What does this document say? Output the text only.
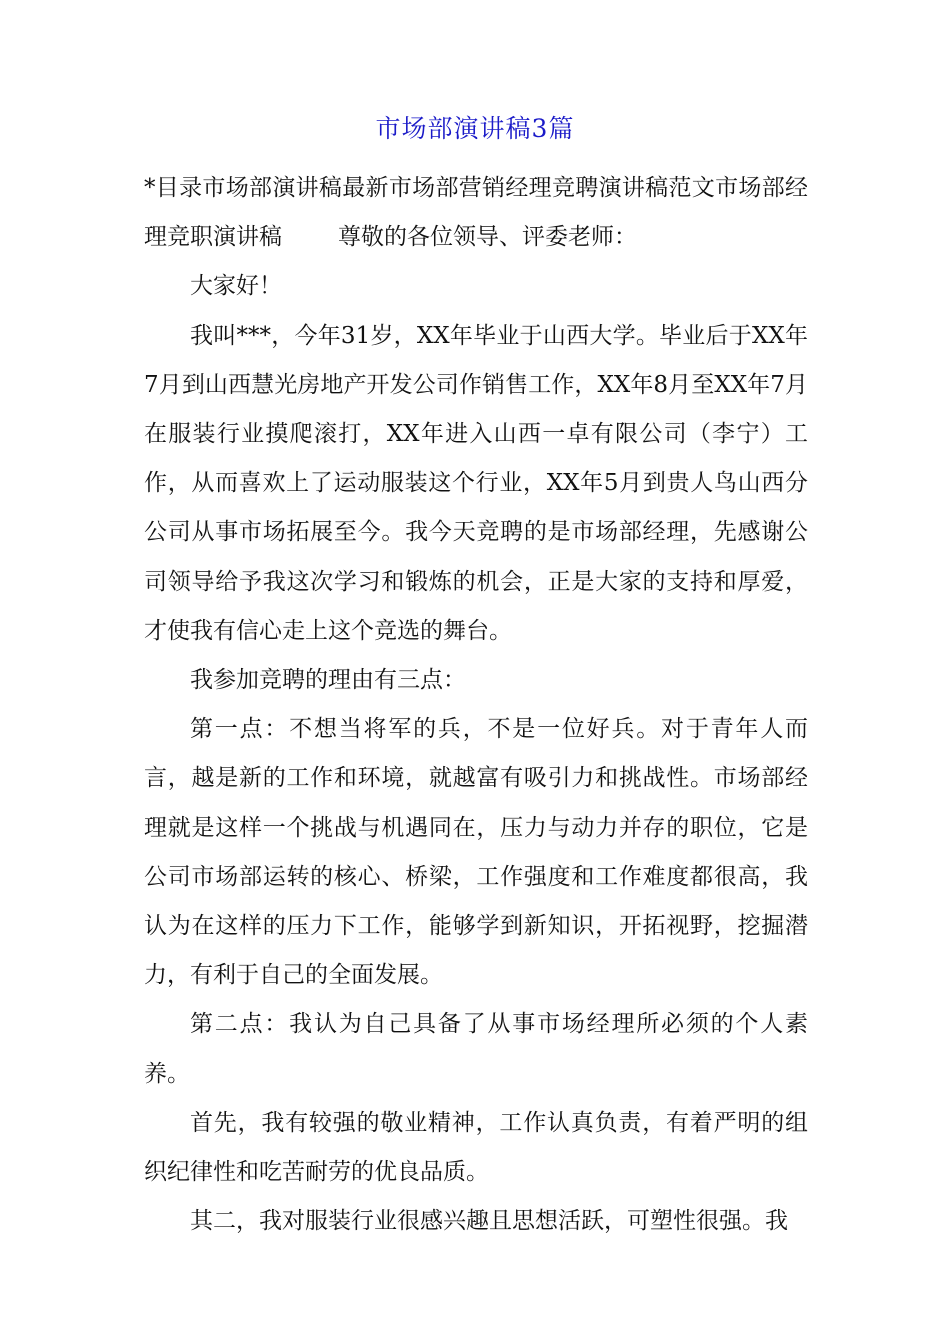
市场部演讲稿3篇

*目录市场部演讲稿最新市场部营销经理竞聘演讲稿范文市场部经理竞职演讲稿 尊敬的各位领导、评委老师：

大家好！

我叫***，今年31岁，XX年毕业于山西大学。毕业后于XX年7月到山西慧光房地产开发公司作销售工作，XX年8月至XX年7月在服装行业摸爬滚打，XX年进入山西一卓有限公司（李宁）工作，从而喜欢上了运动服装这个行业，XX年5月到贵人鸟山西分公司从事市场拓展至今。我今天竞聘的是市场部经理，先感谢公司领导给予我这次学习和锻炼的机会，正是大家的支持和厚爱，才使我有信心走上这个竞选的舞台。

我参加竞聘的理由有三点：

第一点：不想当将军的兵，不是一位好兵。对于青年人而言，越是新的工作和环境，就越富有吸引力和挑战性。市场部经理就是这样一个挑战与机遇同在，压力与动力并存的职位，它是公司市场部运转的核心、桥梁，工作强度和工作难度都很高，我认为在这样的压力下工作，能够学到新知识，开拓视野，挖掘潜力，有利于自己的全面发展。

第二点：我认为自己具备了从事市场经理所必须的个人素养。

首先，我有较强的敬业精神，工作认真负责，有着严明的组织纪律性和吃苦耐劳的优良品质。

其二，我对服装行业很感兴趣且思想活跃，可塑性很强。我
